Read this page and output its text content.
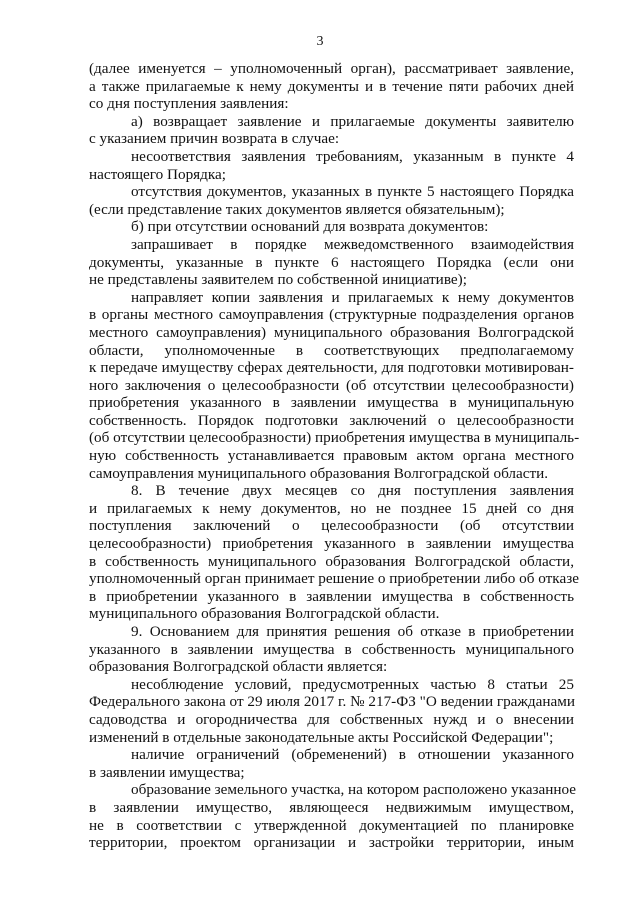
3
(далее именуется – уполномоченный орган), рассматривает заявление,
а также прилагаемые к нему документы и в течение пяти рабочих дней
со дня поступления заявления:
а) возвращает заявление и прилагаемые документы заявителю
с указанием причин возврата в случае:
несоответствия заявления требованиям, указанным в пункте 4
настоящего Порядка;
отсутствия документов, указанных в пункте 5 настоящего Порядка
(если представление таких документов является обязательным);
б) при отсутствии оснований для возврата документов:
запрашивает в порядке межведомственного взаимодействия
документы, указанные в пункте 6 настоящего Порядка (если они
не представлены заявителем по собственной инициативе);
направляет копии заявления и прилагаемых к нему документов
в органы местного самоуправления (структурные подразделения органов
местного самоуправления) муниципального образования Волгоградской
области, уполномоченные в соответствующих предполагаемому
к передаче имуществу сферах деятельности, для подготовки мотивирован-
ного заключения о целесообразности (об отсутствии целесообразности)
приобретения указанного в заявлении имущества в муниципальную
собственность. Порядок подготовки заключений о целесообразности
(об отсутствии целесообразности) приобретения имущества в муниципаль-
ную собственность устанавливается правовым актом органа местного
самоуправления муниципального образования Волгоградской области.
8. В течение двух месяцев со дня поступления заявления
и прилагаемых к нему документов, но не позднее 15 дней со дня
поступления заключений о целесообразности (об отсутствии
целесообразности) приобретения указанного в заявлении имущества
в собственность муниципального образования Волгоградской области,
уполномоченный орган принимает решение о приобретении либо об отказе
в приобретении указанного в заявлении имущества в собственность
муниципального образования Волгоградской области.
9. Основанием для принятия решения об отказе в приобретении
указанного в заявлении имущества в собственность муниципального
образования Волгоградской области является:
несоблюдение условий, предусмотренных частью 8 статьи 25
Федерального закона от 29 июля 2017 г. № 217-ФЗ "О ведении гражданами
садоводства и огородничества для собственных нужд и о внесении
изменений в отдельные законодательные акты Российской Федерации";
наличие ограничений (обременений) в отношении указанного
в заявлении имущества;
образование земельного участка, на котором расположено указанное
в заявлении имущество, являющееся недвижимым имуществом,
не в соответствии с утвержденной документацией по планировке
территории, проектом организации и застройки территории, иным
